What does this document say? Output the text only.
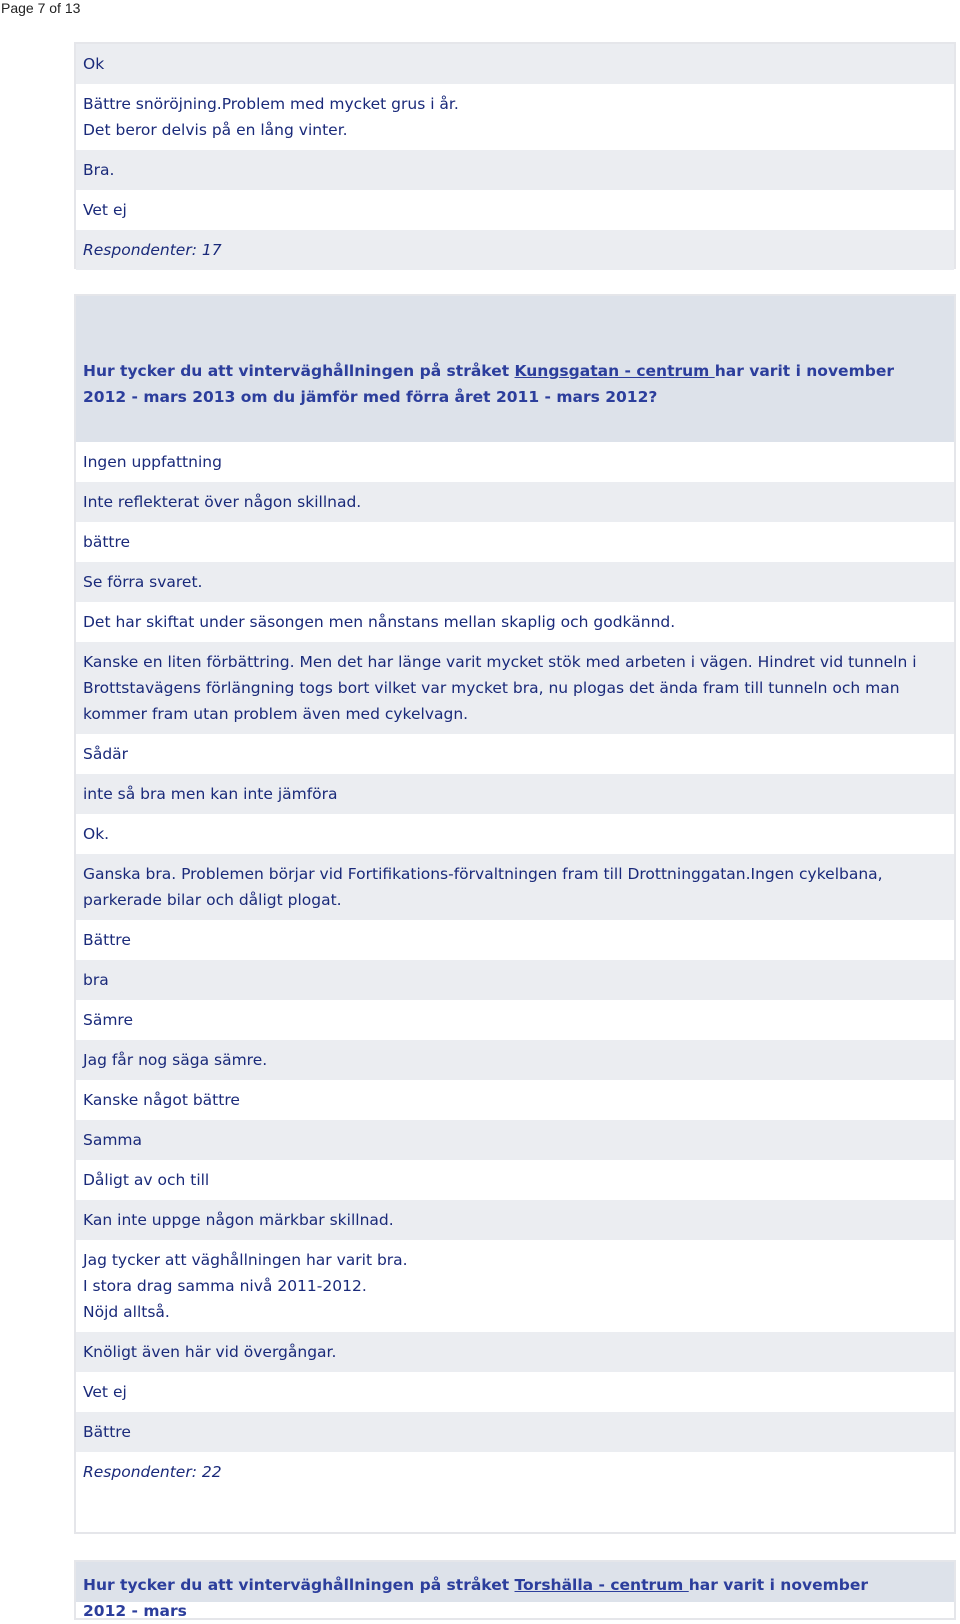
Page 7 of 13
Ok
Bättre snöröjning.Problem med mycket grus i år.
Det beror delvis på en lång vinter.
Bra.
Vet ej
Respondenter: 17
Hur tycker du att vinterväghållningen på stråket Kungsgatan - centrum har varit i november 2012 - mars 2013 om du jämför med förra året 2011 - mars 2012?
Ingen uppfattning
Inte reflekterat över någon skillnad.
bättre
Se förra svaret.
Det har skiftat under säsongen men nånstans mellan skaplig och godkännd.
Kanske en liten förbättring. Men det har länge varit mycket stök med arbeten i vägen. Hindret vid tunneln i Brottstavägens förlängning togs bort vilket var mycket bra, nu plogas det ända fram till tunneln och man kommer fram utan problem även med cykelvagn.
Sådär
inte så bra men kan inte jämföra
Ok.
Ganska bra. Problemen börjar vid Fortifikations-förvaltningen fram till Drottninggatan.Ingen cykelbana, parkerade bilar och dåligt plogat.
Bättre
bra
Sämre
Jag får nog säga sämre.
Kanske något bättre
Samma
Dåligt av och till
Kan inte uppge någon märkbar skillnad.
Jag tycker att väghållningen har varit bra.
I stora drag samma nivå 2011-2012.
Nöjd alltså.
Knöligt även här vid övergångar.
Vet ej
Bättre
Respondenter: 22
Hur tycker du att vinterväghållningen på stråket Torshälla - centrum har varit i november 2012 - mars
